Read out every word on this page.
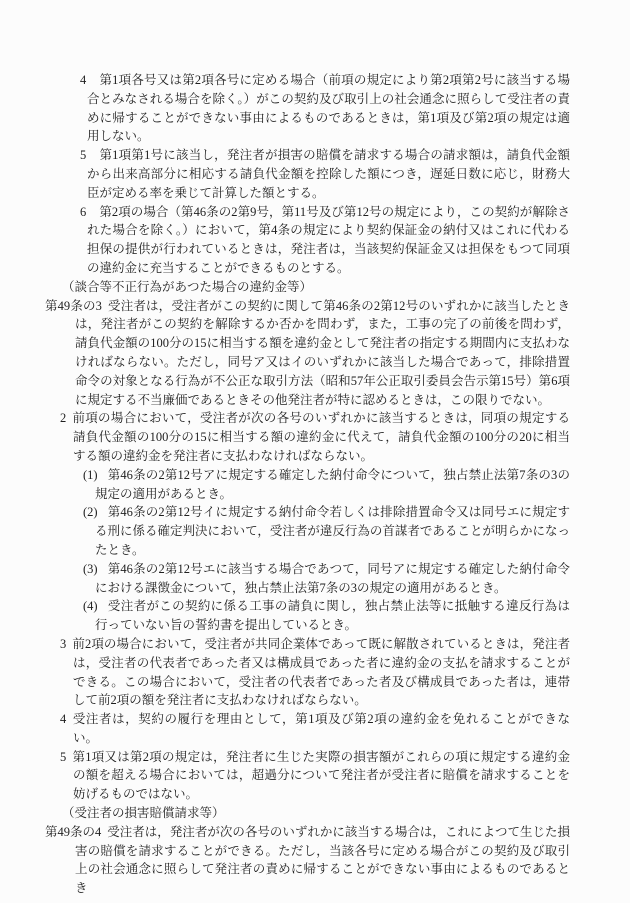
4 第1項各号又は第2項各号に定める場合（前項の規定により第2項第2号に該当する場合とみなされる場合を除く。）がこの契約及び取引上の社会通念に照らして受注者の責めに帰することができない事由によるものであるときは，第1項及び第2項の規定は適用しない。
5 第1項第1号に該当し，発注者が損害の賠償を請求する場合の請求額は，請負代金額から出来高部分に相応する請負代金額を控除した額につき，遅延日数に応じ，財務大臣が定める率を乗じて計算した額とする。
6 第2項の場合（第46条の2第9号，第11号及び第12号の規定により，この契約が解除された場合を除く。）において，第4条の規定により契約保証金の納付又はこれに代わる担保の提供が行われているときは，発注者は，当該契約保証金又は担保をもつて同項の違約金に充当することができるものとする。
（談合等不正行為があつた場合の違約金等）
第49条の3 受注者は，受注者がこの契約に関して第46条の2第12号のいずれかに該当したときは，発注者がこの契約を解除するか否かを問わず，また，工事の完了の前後を問わず，請負代金額の100分の15に相当する額を違約金として発注者の指定する期間内に支払わなければならない。ただし，同号ア又はイのいずれかに該当した場合であって，排除措置命令の対象となる行為が不公正な取引方法（昭和57年公正取引委員会告示第15号）第6項に規定する不当廉価であるときその他発注者が特に認めるときは，この限りでない。
2 前項の場合において，受注者が次の各号のいずれかに該当するときは，同項の規定する請負代金額の100分の15に相当する額の違約金に代えて，請負代金額の100分の20に相当する額の違約金を発注者に支払わなければならない。
(1) 第46条の2第12号アに規定する確定した納付命令について，独占禁止法第7条の3の規定の適用があるとき。
(2) 第46条の2第12号イに規定する納付命令若しくは排除措置命令又は同号エに規定する刑に係る確定判決において，受注者が違反行為の首謀者であることが明らかになったとき。
(3) 第46条の2第12号エに該当する場合であつて，同号アに規定する確定した納付命令における課徴金について，独占禁止法第7条の3の規定の適用があるとき。
(4) 受注者がこの契約に係る工事の請負に関し，独占禁止法等に抵触する違反行為は行っていない旨の誓約書を提出しているとき。
3 前2項の場合において，受注者が共同企業体であって既に解散されているときは，発注者は，受注者の代表者であった者又は構成員であった者に違約金の支払を請求することができる。この場合において，受注者の代表者であった者及び構成員であった者は，連帯して前2項の額を発注者に支払わなければならない。
4 受注者は，契約の履行を理由として，第1項及び第2項の違約金を免れることができない。
5 第1項又は第2項の規定は，発注者に生じた実際の損害額がこれらの項に規定する違約金の額を超える場合においては，超過分について発注者が受注者に賠償を請求することを妨げるものではない。
（受注者の損害賠償請求等）
第49条の4 受注者は，発注者が次の各号のいずれかに該当する場合は，これによつて生じた損害の賠償を請求することができる。ただし，当該各号に定める場合がこの契約及び取引上の社会通念に照らして発注者の責めに帰することができない事由によるものであるとき
